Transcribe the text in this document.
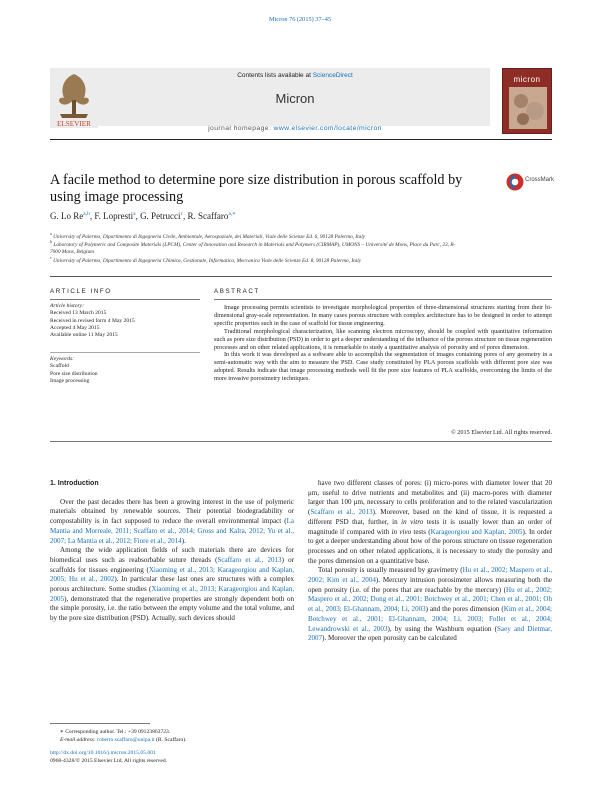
Micron 76 (2015) 37–45
ELSEVIER
Contents lists available at ScienceDirect
Micron
journal homepage: www.elsevier.com/locate/micron
micron
A facile method to determine pore size distribution in porous scaffold by using image processing
CrossMark
G. Lo Re$^{a,b}$, F. Lopresti$^a$, G. Petrucci$^c$, R. Scaffaro$^{a,∗}$
$^a$ University of Palermo, Dipartimento di Ingegneria Civile, Ambientale, Aerospaziale, dei Materiali, Viale delle Scienze Ed. 6, 90128 Palermo, Italy
$^b$ Laboratory of Polymeric and Composite Materials (LPCM), Center of Innovation and Research in Materials and Polymers (CIRMAP), UMONS – Université de Mons, Place du Parc, 23, B-7000 Mons, Belgium
$^c$ University of Palermo, Dipartimento di Ingegneria Chimica, Gestionale, Informatica, Meccanica Viale delle Scienze Ed. 8, 90128 Palermo, Italy
ARTICLE INFO	ABSTRACT
Article history:
Received 13 March 2015
Received in revised form 4 May 2015
Accepted 4 May 2015
Available online 11 May 2015
Keywords:
Scaffold
Pore size distribution
Image processing

Image processing permits scientists to investigate morphological properties of three-dimensional structures starting from their bi-dimensional gray-scale representation. In many cases porous structure with complex architecture has to be designed in order to attempt specific properties such in the case of scaffold for tissue engineering.

Traditional morphological characterization, like scanning electron microscopy, should be coupled with quantitative information such as pore size distribution (PSD) in order to get a deeper understanding of the influence of the porous structure on tissue regeneration processes and on other related applications, it is remarkable to study a quantitative analysis of porosity and of pores dimension.

In this work it was developed as a software able to accomplish the segmentation of images containing pores of any geometry in a semi-automatic way with the aim to measure the PSD. Case study constituted by PLA porous scaffolds with different pore size was adopted. Results indicate that image processing methods well fit the pore size features of PLA scaffolds, overcoming the limits of the more invasive porosimetry techniques.

© 2015 Elsevier Ltd. All rights reserved.
1. Introduction

Over the past decades there has been a growing interest in the use of polymeric materials obtained by renewable sources. Their potential biodegradability or compostability is in fact supposed to reduce the overall environmental impact (La Mantia and Morreale, 2011; Scaffaro et al., 2014; Gross and Kalra, 2012; Yu et al., 2007; La Mantia et al., 2012; Fiore et al., 2014).

Among the wide application fields of such materials there are devices for biomedical uses such as reabsorbable suture threads (Scaffaro et al., 2013) or scaffolds for tissues engineering (Xiaoming et al., 2013; Karageorgiou and Kaplan, 2005; Hu et al., 2002). In particular these last ones are structures with a complex porous architecture. Some studies (Xiaoming et al., 2013; Karageorgiou and Kaplan, 2005), demonstrated that the regenerative properties are strongly dependent both on the simple porosity, i.e. the ratio between the empty volume and the total volume, and by the pore size distribution (PSD). Actually, such devices should

have two different classes of pores: (i) micro-pores with diameter lower that 20 μm, useful to drive nutrients and metabolites and (ii) macro-pores with diameter larger than 100 μm, necessary to cells proliferation and to the related vascularization (Scaffaro et al., 2013). Moreover, based on the kind of tissue, it is requested a different PSD that, further, in in vitro tests it is usually lower than an order of magnitude if compared with in vivo tests (Karageorgiou and Kaplan, 2005). In order to get a deeper understanding about how of the porous structure on tissue regeneration processes and on other related applications, it is necessary to study the porosity and the pores dimension on a quantitative base.

Total porosity is usually measured by gravimetry (Hu et al., 2002; Maspero et al., 2002; Kim et al., 2004). Mercury intrusion porosimeter allows measuring both the open porosity (i.e. of the pores that are reachable by the mercury) (Hu et al., 2002; Maspero et al., 2002; Dong et al., 2001; Botchwey et al., 2001; Chen et al., 2001; Oh et al., 2003; El-Ghannam, 2004; Li, 2003) and the pores dimension (Kim et al., 2004; Botchwey et al., 2001; El-Ghannam, 2004; Li, 2003; Follet et al., 2004; Lewandrowski et al., 2003), by using the Washburn equation (Saey and Dietmar, 2007). Moreover the open porosity can be calculated

∗ Corresponding author. Tel.: +39 09123863723.
E-mail address: roberto.scaffaro@unipa.it (R. Scaffaro).
http://dx.doi.org/10.1016/j.micron.2015.05.001
0968-4328/© 2015 Elsevier Ltd. All rights reserved.
